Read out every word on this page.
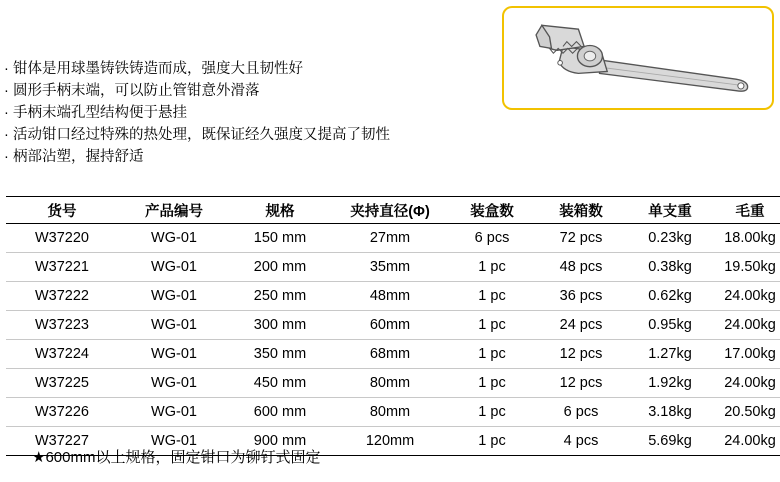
· 钳体是用球墨铸铁铸造而成，强度大且韧性好
· 圆形手柄末端，可以防止管钳意外滑落
· 手柄末端孔型结构便于悬挂
· 活动钳口经过特殊的热处理，既保证经久强度又提高了韧性
· 柄部沾塑，握持舒适
货号	产品编号	规格	夹持直径(Φ)	装盒数	装箱数	单支重	毛重
W37220	WG-01	150 mm	27mm	6 pcs	72 pcs	0.23kg	18.00kg
W37221	WG-01	200 mm	35mm	1 pc	48 pcs	0.38kg	19.50kg
W37222	WG-01	250 mm	48mm	1 pc	36 pcs	0.62kg	24.00kg
W37223	WG-01	300 mm	60mm	1 pc	24 pcs	0.95kg	24.00kg
W37224	WG-01	350 mm	68mm	1 pc	12 pcs	1.27kg	17.00kg
W37225	WG-01	450 mm	80mm	1 pc	12 pcs	1.92kg	24.00kg
W37226	WG-01	600 mm	80mm	1 pc	6 pcs	3.18kg	20.50kg
W37227	WG-01	900 mm	120mm	1 pc	4 pcs	5.69kg	24.00kg
★600mm以上规格，固定钳口为铆钉式固定
